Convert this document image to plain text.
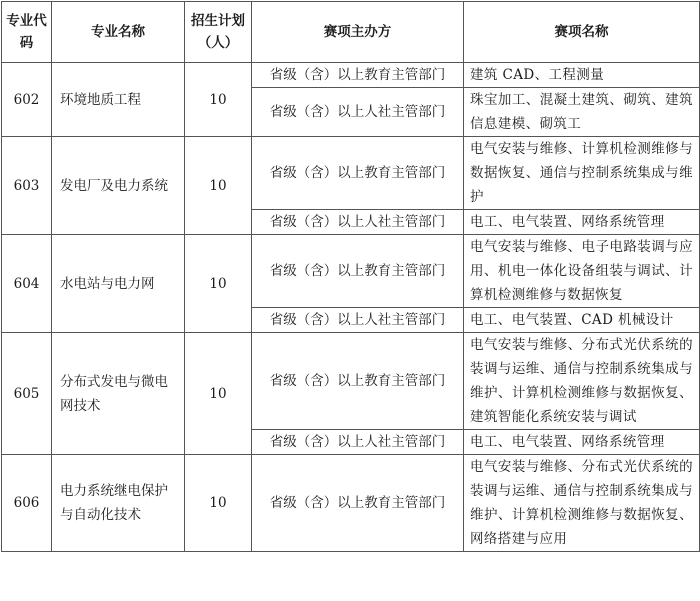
专业代码	专业名称	招生计划（人）	赛项主办方	赛项名称
602	环境地质工程	10	省级（含）以上教育主管部门	建筑 CAD、工程测量
			省级（含）以上人社主管部门	珠宝加工、混凝土建筑、砌筑、建筑信息建模、砌筑工
603	发电厂及电力系统	10	省级（含）以上教育主管部门	电气安装与维修、计算机检测维修与数据恢复、通信与控制系统集成与维护
			省级（含）以上人社主管部门	电工、电气装置、网络系统管理
604	水电站与电力网	10	省级（含）以上教育主管部门	电气安装与维修、电子电路装调与应用、机电一体化设备组装与调试、计算机检测维修与数据恢复
			省级（含）以上人社主管部门	电工、电气装置、CAD 机械设计
605	分布式发电与微电网技术	10	省级（含）以上教育主管部门	电气安装与维修、分布式光伏系统的装调与运维、通信与控制系统集成与维护、计算机检测维修与数据恢复、建筑智能化系统安装与调试
			省级（含）以上人社主管部门	电工、电气装置、网络系统管理
606	电力系统继电保护与自动化技术	10	省级（含）以上教育主管部门	电气安装与维修、分布式光伏系统的装调与运维、通信与控制系统集成与维护、计算机检测维修与数据恢复、网络搭建与应用
